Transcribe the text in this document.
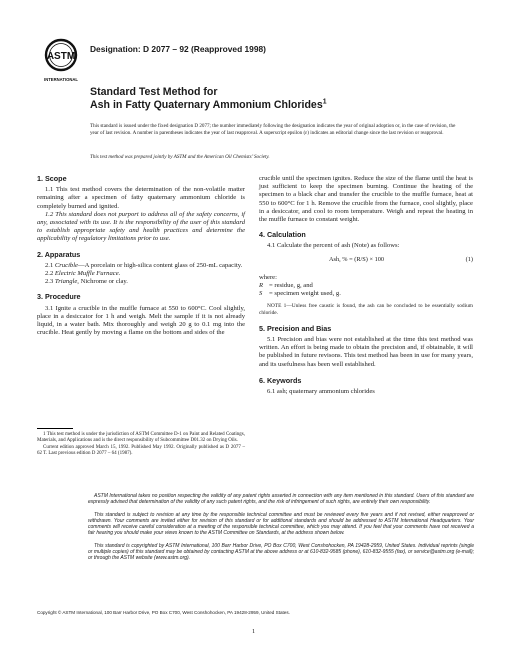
ASTM
INTERNATIONAL
Designation: D 2077 – 92 (Reapproved 1998)
Standard Test Method for
Ash in Fatty Quaternary Ammonium Chlorides$^1$
This standard is issued under the fixed designation D 2077; the number immediately following the designation indicates the year of original adoption or, in the case of revision, the year of last revision. A number in parentheses indicates the year of last reapproval. A superscript epsilon (ε) indicates an editorial change since the last revision or reapproval.
This test method was prepared jointly by ASTM and the American Oil Chemists’ Society.
1. Scope

1.1 This test method covers the determination of the non-volatile matter remaining after a specimen of fatty quaternary ammonium chloride is completely burned and ignited.

1.2 This standard does not purport to address all of the safety concerns, if any, associated with its use. It is the responsibility of the user of this standard to establish appropriate safety and health practices and determine the applicability of regulatory limitations prior to use.

2. Apparatus

2.1 Crucible—A porcelain or high-silica content glass of 250-mL capacity.

2.2 Electric Muffle Furnace.

2.3 Triangle, Nichrome or clay.

3. Procedure

3.1 Ignite a crucible in the muffle furnace at 550 to 600°C. Cool slightly, place in a desiccator for 1 h and weigh. Melt the sample if it is not already liquid, in a water bath. Mix thoroughly and weigh 20 g to 0.1 mg into the crucible. Heat gently by moving a flame on the bottom and sides of the

1 This test method is under the jurisdiction of ASTM Committee D-1 on Paint and Related Coatings, Materials, and Applications and is the direct responsibility of Subcommittee D01.32 on Drying Oils.

Current edition approved March 15, 1992. Published May 1992. Originally published as D 2077 – 62 T. Last previous edition D 2077 – 64 (1987).

crucible until the specimen ignites. Reduce the size of the flame until the heat is just sufficient to keep the specimen burning. Continue the heating of the specimen to a black char and transfer the crucible to the muffle furnace, heat at 550 to 600°C for 1 h. Remove the crucible from the furnace, cool slightly, place in a desiccator, and cool to room temperature. Weigh and repeat the heating in the muffle furnace to constant weight.

4. Calculation

4.1 Calculate the percent of ash (Note) as follows:

Ash, % = (R/S) × 100	(1)

where:

R = residue, g, and

S = specimen weight used, g.

NOTE 1—Unless free caustic is found, the ash can be concluded to be essentially sodium chloride.
5. Precision and Bias

5.1 Precision and bias were not established at the time this test method was written. An effort is being made to obtain the precision and, if obtainable, it will be published in future revisons. This test method has been in use for many years, and its usefulness has been well established.

6. Keywords

6.1 ash; quaternary ammonium chlorides

ASTM International takes no position respecting the validity of any patent rights asserted in connection with any item mentioned in this standard. Users of this standard are expressly advised that determination of the validity of any such patent rights, and the risk of infringement of such rights, are entirely their own responsibility.

This standard is subject to revision at any time by the responsible technical committee and must be reviewed every five years and if not revised, either reapproved or withdrawn. Your comments are invited either for revision of this standard or for additional standards and should be addressed to ASTM International Headquarters. Your comments will receive careful consideration at a meeting of the responsible technical committee, which you may attend. If you feel that your comments have not received a fair hearing you should make your views known to the ASTM Committee on Standards, at the address shown below.

This standard is copyrighted by ASTM International, 100 Barr Harbor Drive, PO Box C700, West Conshohocken, PA 19428-2959, United States. Individual reprints (single or multiple copies) of this standard may be obtained by contacting ASTM at the above address or at 610-832-9585 (phone), 610-832-9555 (fax), or service@astm.org (e-mail); or through the ASTM website (www.astm.org).

Copyright © ASTM International, 100 Barr Harbor Drive, PO Box C700, West Conshohocken, PA 19428-2959, United States.
1
